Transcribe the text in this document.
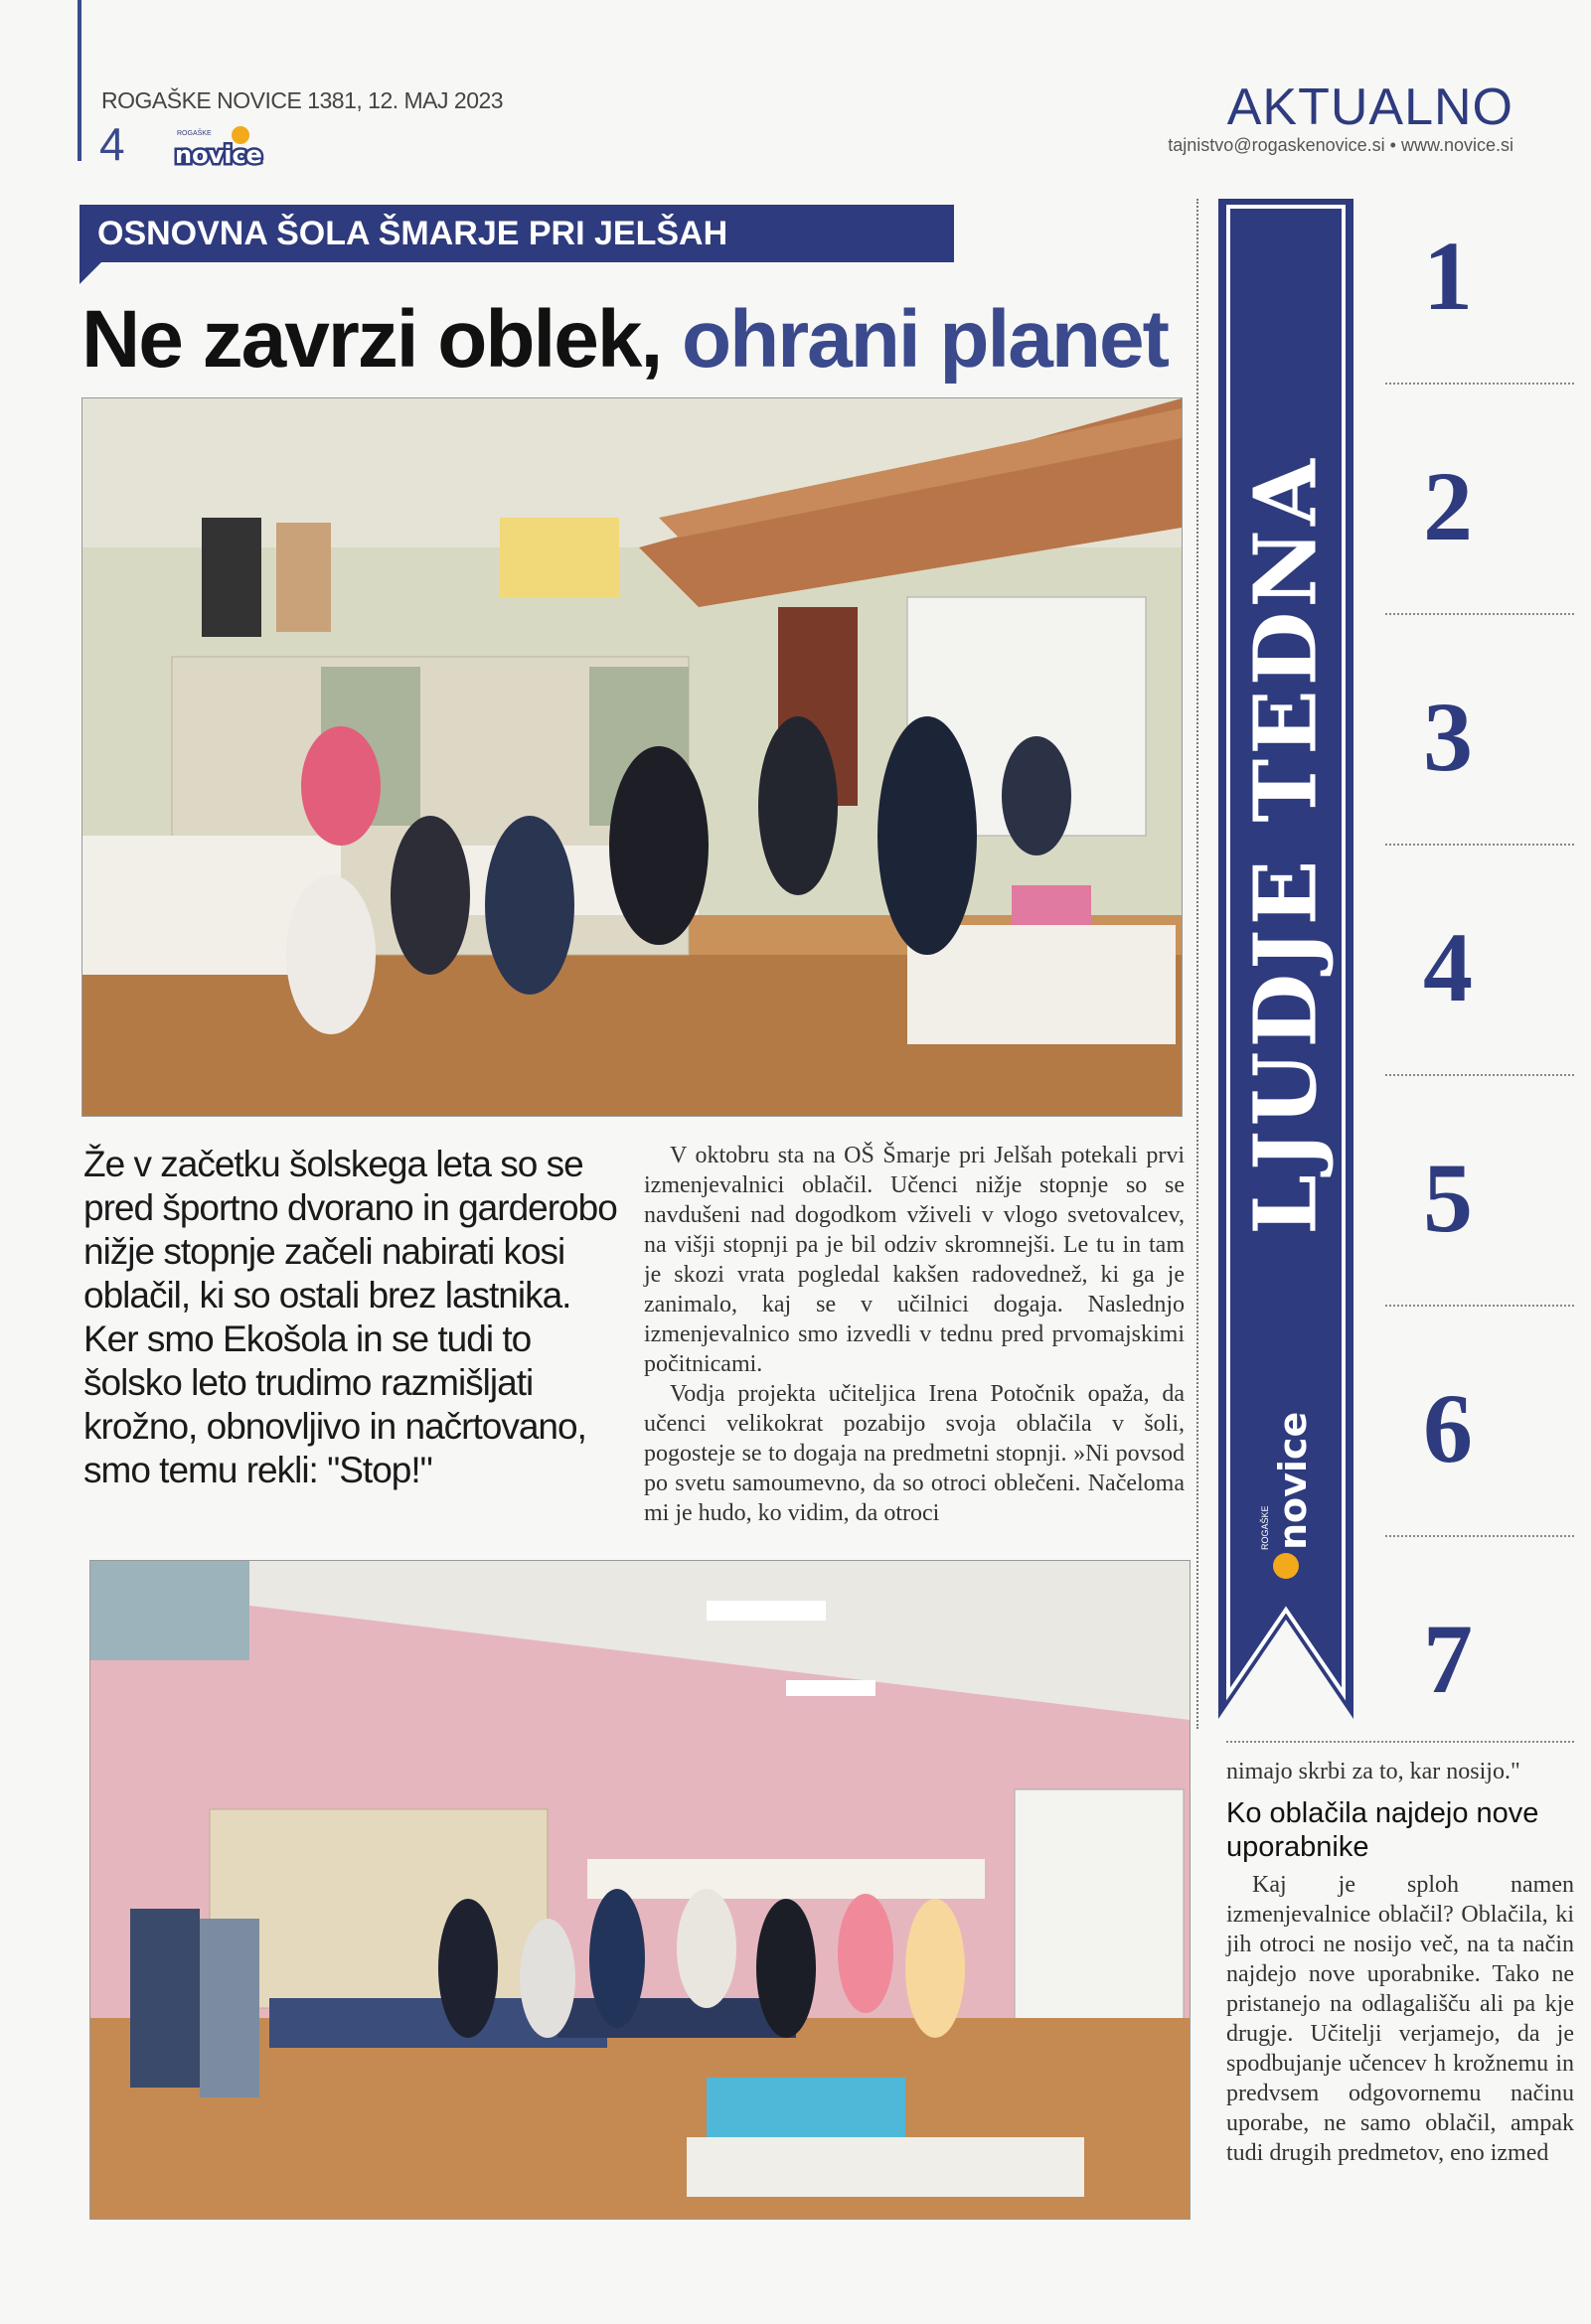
ROGAŠKE NOVICE 1381, 12. MAJ 2023
4	ROGAŠKE
novice
AKTUALNO
tajnistvo@rogaskenovice.si • www.novice.si
OSNOVNA ŠOLA ŠMARJE PRI JELŠAH
Ne zavrzi oblek, ohrani planet
Že v začetku šolskega leta so se pred športno dvorano in garderobo nižje stopnje začeli nabirati kosi oblačil, ki so ostali brez lastnika. Ker smo Ekošola in se tudi to šolsko leto trudimo razmišljati krožno, obnovljivo in načrtovano, smo temu rekli: "Stop!"

V oktobru sta na OŠ Šmarje pri Jelšah potekali prvi izmenjevalnici oblačil. Učenci nižje stopnje so se navdušeni nad dogodkom vživeli v vlogo svetovalcev, na višji stopnji pa je bil odziv skromnejši. Le tu in tam je skozi vrata pogledal kakšen radovednež, ki ga je zanimalo, kaj se v učilnici dogaja. Naslednjo izmenjevalnico smo izvedli v tednu pred prvomajskimi počitnicami.

Vodja projekta učiteljica Irena Potočnik opaža, da učenci velikokrat pozabijo svoja oblačila v šoli, pogosteje se to dogaja na predmetni stopnji. »Ni povsod po svetu samoumevno, da so otroci oblečeni. Načeloma mi je hudo, ko vidim, da otroci

LJUDJE TEDNA
novice
ROGAŠKE
1
2
3
4
5
6
7
nimajo skrbi za to, kar nosijo."
Ko oblačila najdejo nove uporabnike

Kaj je sploh namen izmenjevalnice oblačil? Oblačila, ki jih otroci ne nosijo več, na ta način najdejo nove uporabnike. Tako ne pristanejo na odlagališču ali pa kje drugje. Učitelji verjamejo, da je spodbujanje učencev h krožnemu in predvsem odgovornemu načinu uporabe, ne samo oblačil, ampak tudi drugih predmetov, eno izmed
